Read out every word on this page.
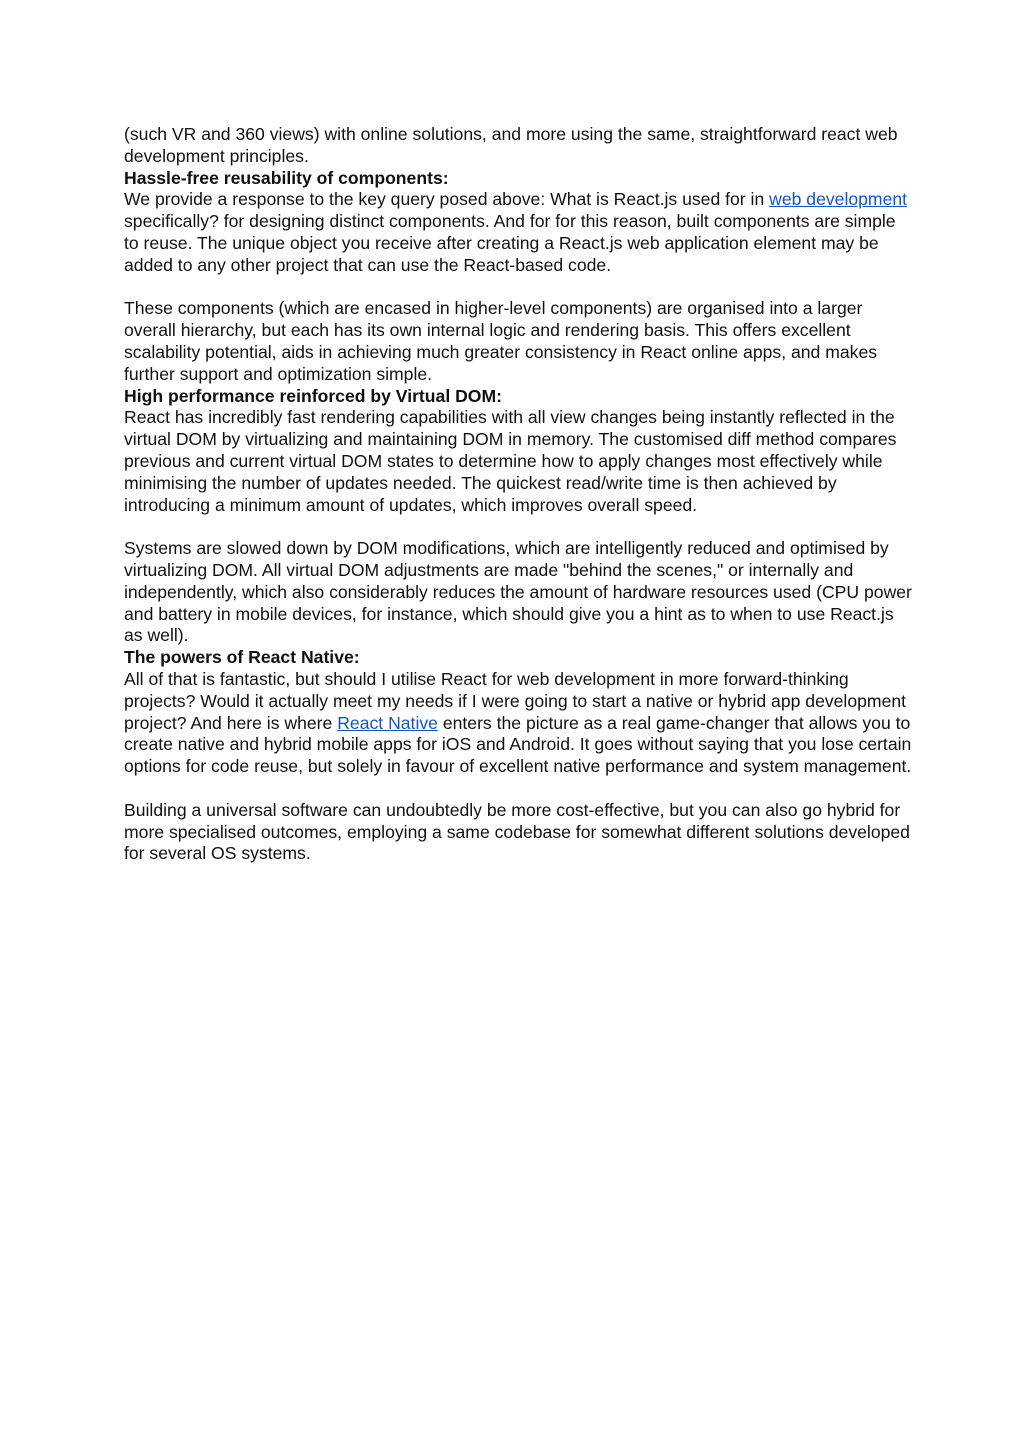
(such VR and 360 views) with online solutions, and more using the same, straightforward react web development principles.

Hassle-free reusability of components:

We provide a response to the key query posed above: What is React.js used for in web development specifically? for designing distinct components. And for for this reason, built components are simple to reuse. The unique object you receive after creating a React.js web application element may be added to any other project that can use the React-based code.

These components (which are encased in higher-level components) are organised into a larger overall hierarchy, but each has its own internal logic and rendering basis. This offers excellent scalability potential, aids in achieving much greater consistency in React online apps, and makes further support and optimization simple.

High performance reinforced by Virtual DOM:

React has incredibly fast rendering capabilities with all view changes being instantly reflected in the virtual DOM by virtualizing and maintaining DOM in memory. The customised diff method compares previous and current virtual DOM states to determine how to apply changes most effectively while minimising the number of updates needed. The quickest read/write time is then achieved by introducing a minimum amount of updates, which improves overall speed.

Systems are slowed down by DOM modifications, which are intelligently reduced and optimised by virtualizing DOM. All virtual DOM adjustments are made "behind the scenes," or internally and independently, which also considerably reduces the amount of hardware resources used (CPU power and battery in mobile devices, for instance, which should give you a hint as to when to use React.js as well).

The powers of React Native:

All of that is fantastic, but should I utilise React for web development in more forward-thinking projects? Would it actually meet my needs if I were going to start a native or hybrid app development project? And here is where React Native enters the picture as a real game-changer that allows you to create native and hybrid mobile apps for iOS and Android. It goes without saying that you lose certain options for code reuse, but solely in favour of excellent native performance and system management.

Building a universal software can undoubtedly be more cost-effective, but you can also go hybrid for more specialised outcomes, employing a same codebase for somewhat different solutions developed for several OS systems.
